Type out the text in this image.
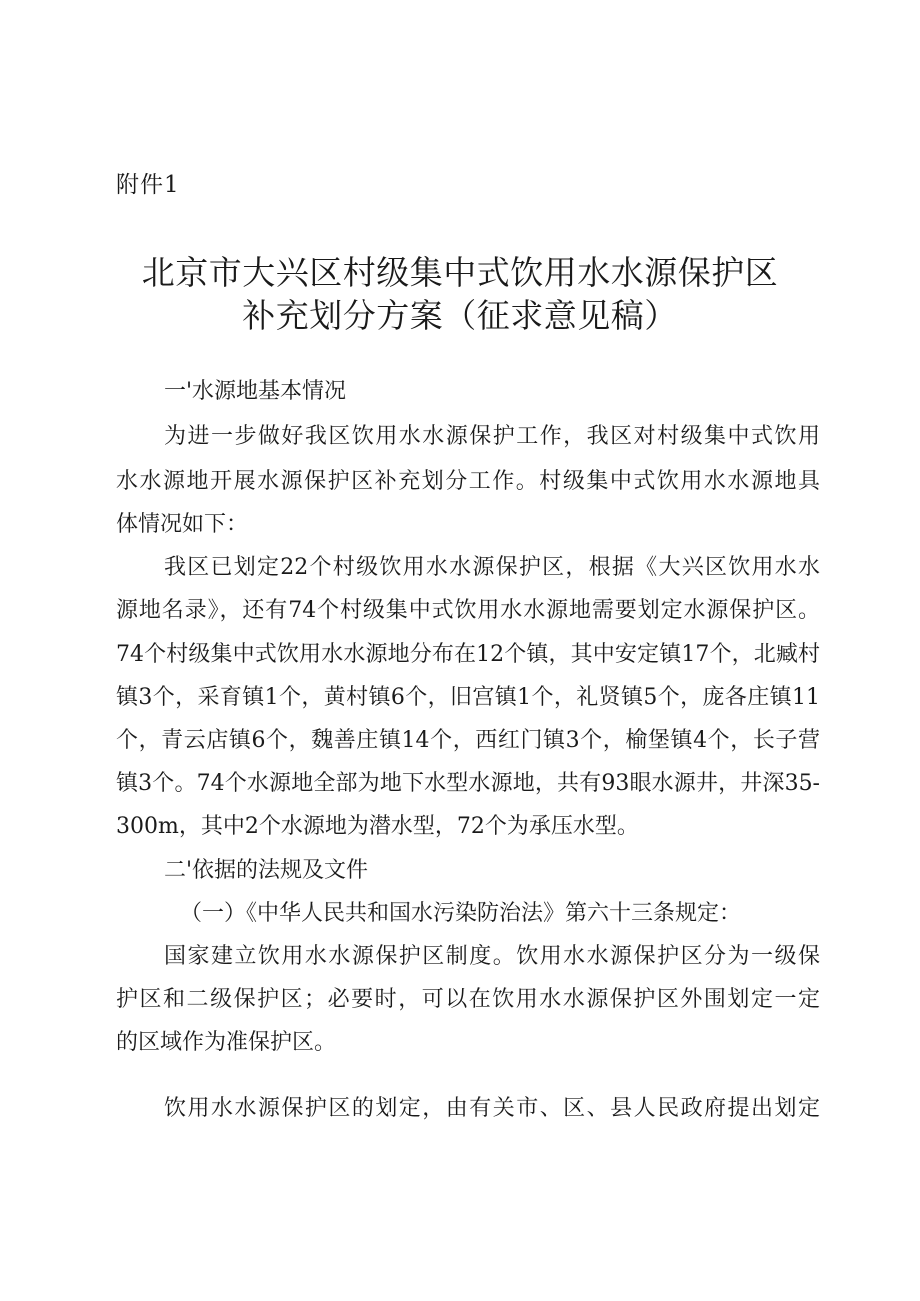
附件1
北京市大兴区村级集中式饮用水水源保护区
补充划分方案（征求意见稿）
一'水源地基本情况
为进一步做好我区饮用水水源保护工作，我区对村级集中式饮用
水水源地开展水源保护区补充划分工作。村级集中式饮用水水源地具
体情况如下：
我区已划定22个村级饮用水水源保护区，根据《大兴区饮用水水
源地名录》，还有74个村级集中式饮用水水源地需要划定水源保护区。
74个村级集中式饮用水水源地分布在12个镇，其中安定镇17个，北臧村
镇3个，采育镇1个，黄村镇6个，旧宫镇1个，礼贤镇5个，庞各庄镇11
个，青云店镇6个，魏善庄镇14个，西红门镇3个，榆堡镇4个，长子营
镇3个。74个水源地全部为地下水型水源地，共有93眼水源井，井深35-
300m，其中2个水源地为潜水型，72个为承压水型。
二'依据的法规及文件
（一）《中华人民共和国水污染防治法》第六十三条规定：
国家建立饮用水水源保护区制度。饮用水水源保护区分为一级保
护区和二级保护区；必要时，可以在饮用水水源保护区外围划定一定
的区域作为准保护区。
饮用水水源保护区的划定，由有关市、区、县人民政府提出划定
